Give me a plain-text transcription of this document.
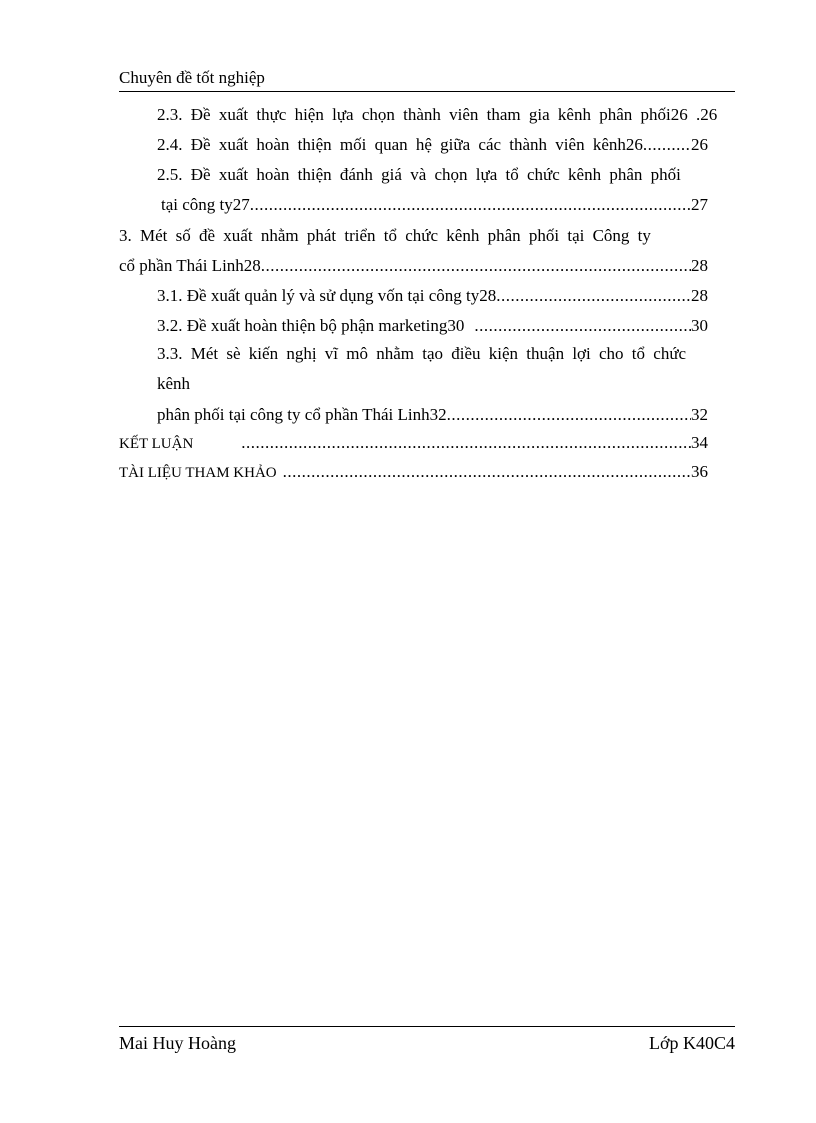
Chuyên đề tốt nghiệp
2.3. Đề xuất thực hiện lựa chọn thành viên tham gia kênh phân phối26 .26
2.4. Đề xuất hoàn thiện mối quan hệ giữa các thành viên kênh26 .....	26
2.5. Đề xuất hoàn thiện đánh giá và chọn lựa tổ chức kênh phân phối
tại công ty27 .....	27
3. Mét số đề xuất nhằm phát triển tổ chức kênh phân phối tại Công ty
cổ phần Thái Linh28 .....	28
3.1. Đề xuất quản lý và sử dụng vốn tại công ty28 .....	28
3.2. Đề xuất hoàn thiện bộ phận marketing30 .....	30
3.3. Mét sè kiến nghị vĩ mô nhằm tạo điều kiện thuận lợi cho tổ chức
kênh
phân phối tại công ty cổ phần Thái Linh32 .....	32
KẾT LUẬN .....	34
TÀI LIỆU THAM KHẢO .....	36
Mai Huy Hoàng	Lớp K40C4
